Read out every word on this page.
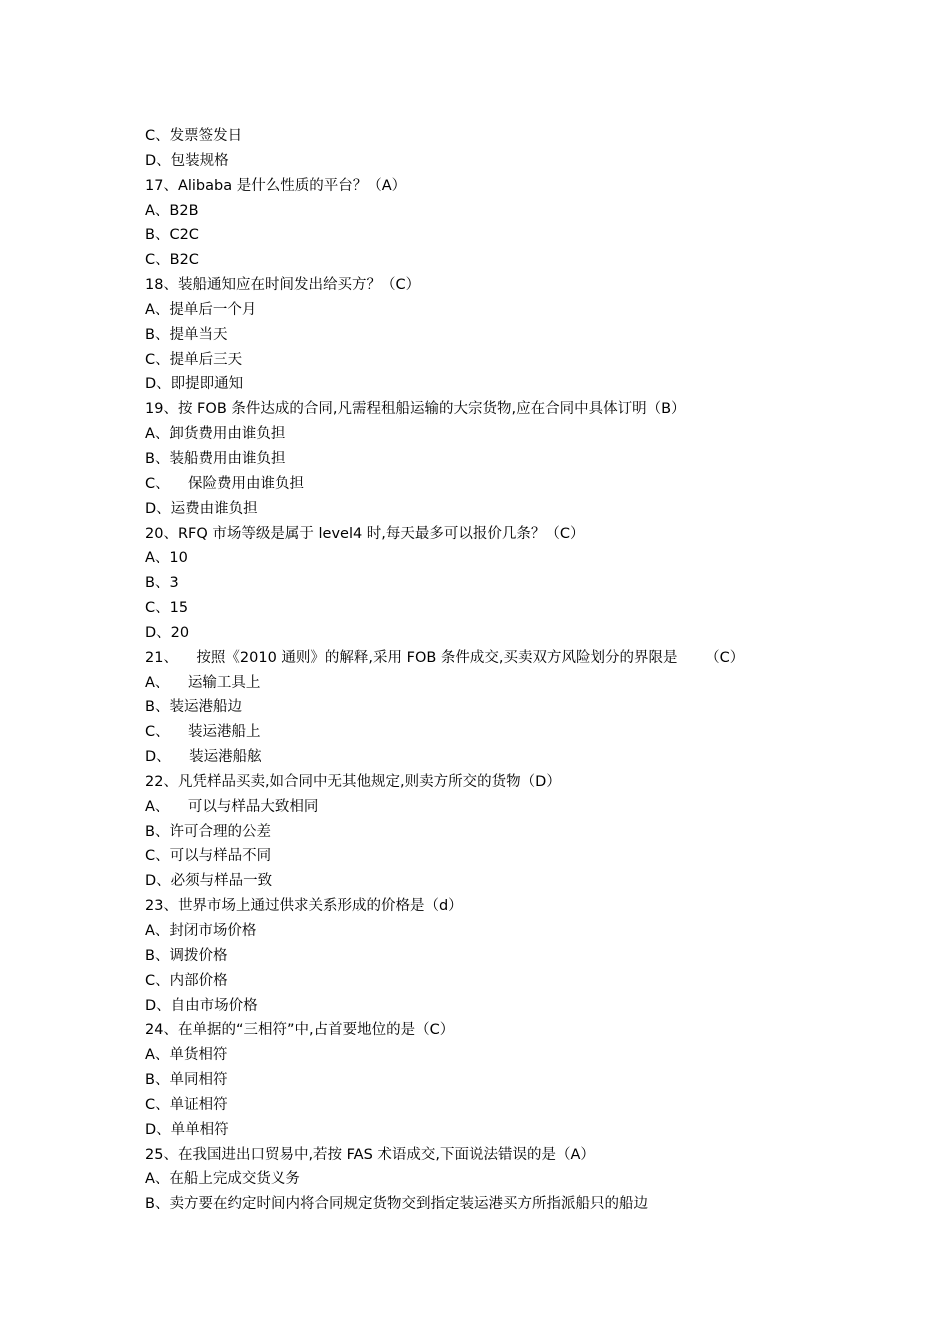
C、发票签发日
D、包装规格
17、Alibaba 是什么性质的平台？（A）
A、B2B
B、C2C
C、B2C
18、装船通知应在时间发出给买方？（C）
A、提单后一个月
B、提单当天
C、提单后三天
D、即提即通知
19、按 FOB 条件达成的合同,凡需程租船运输的大宗货物,应在合同中具体订明（B）
A、卸货费用由谁负担
B、装船费用由谁负担
C、    保险费用由谁负担
D、运费由谁负担
20、RFQ 市场等级是属于 level4 时,每天最多可以报价几条？（C）
A、10
B、3
C、15
D、20
21、    按照《2010 通则》的解释,采用 FOB 条件成交,买卖双方风险划分的界限是      （C）
A、    运输工具上
B、装运港船边
C、    装运港船上
D、    装运港船舷
22、凡凭样品买卖,如合同中无其他规定,则卖方所交的货物（D）
A、    可以与样品大致相同
B、许可合理的公差
C、可以与样品不同
D、必须与样品一致
23、世界市场上通过供求关系形成的价格是（d）
A、封闭市场价格
B、调拨价格
C、内部价格
D、自由市场价格
24、在单据的“三相符”中,占首要地位的是（C）
A、单货相符
B、单同相符
C、单证相符
D、单单相符
25、在我国进出口贸易中,若按 FAS 术语成交,下面说法错误的是（A）
A、在船上完成交货义务
B、卖方要在约定时间内将合同规定货物交到指定装运港买方所指派船只的船边
